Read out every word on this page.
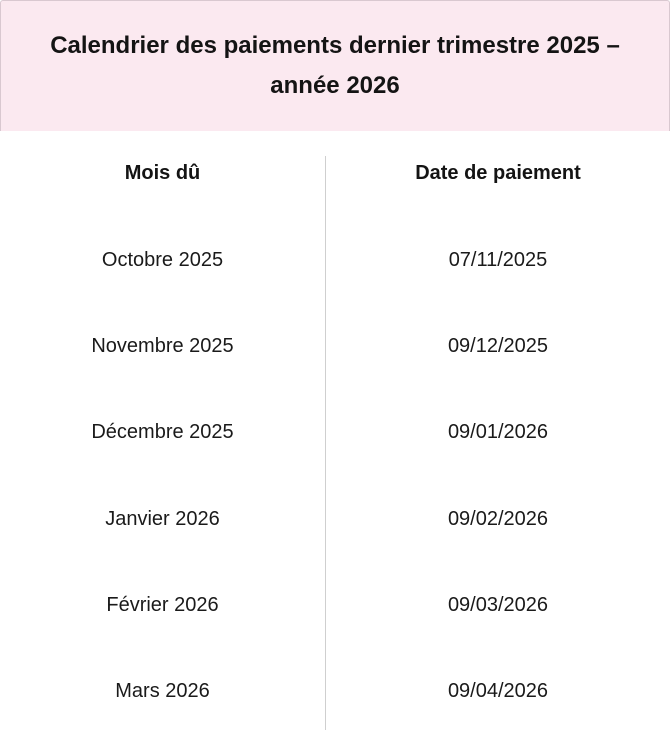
Calendrier des paiements dernier trimestre 2025 – année 2026
Mois dû	Date de paiement
Octobre 2025	07/11/2025
Novembre 2025	09/12/2025
Décembre 2025	09/01/2026
Janvier 2026	09/02/2026
Février 2026	09/03/2026
Mars 2026	09/04/2026
